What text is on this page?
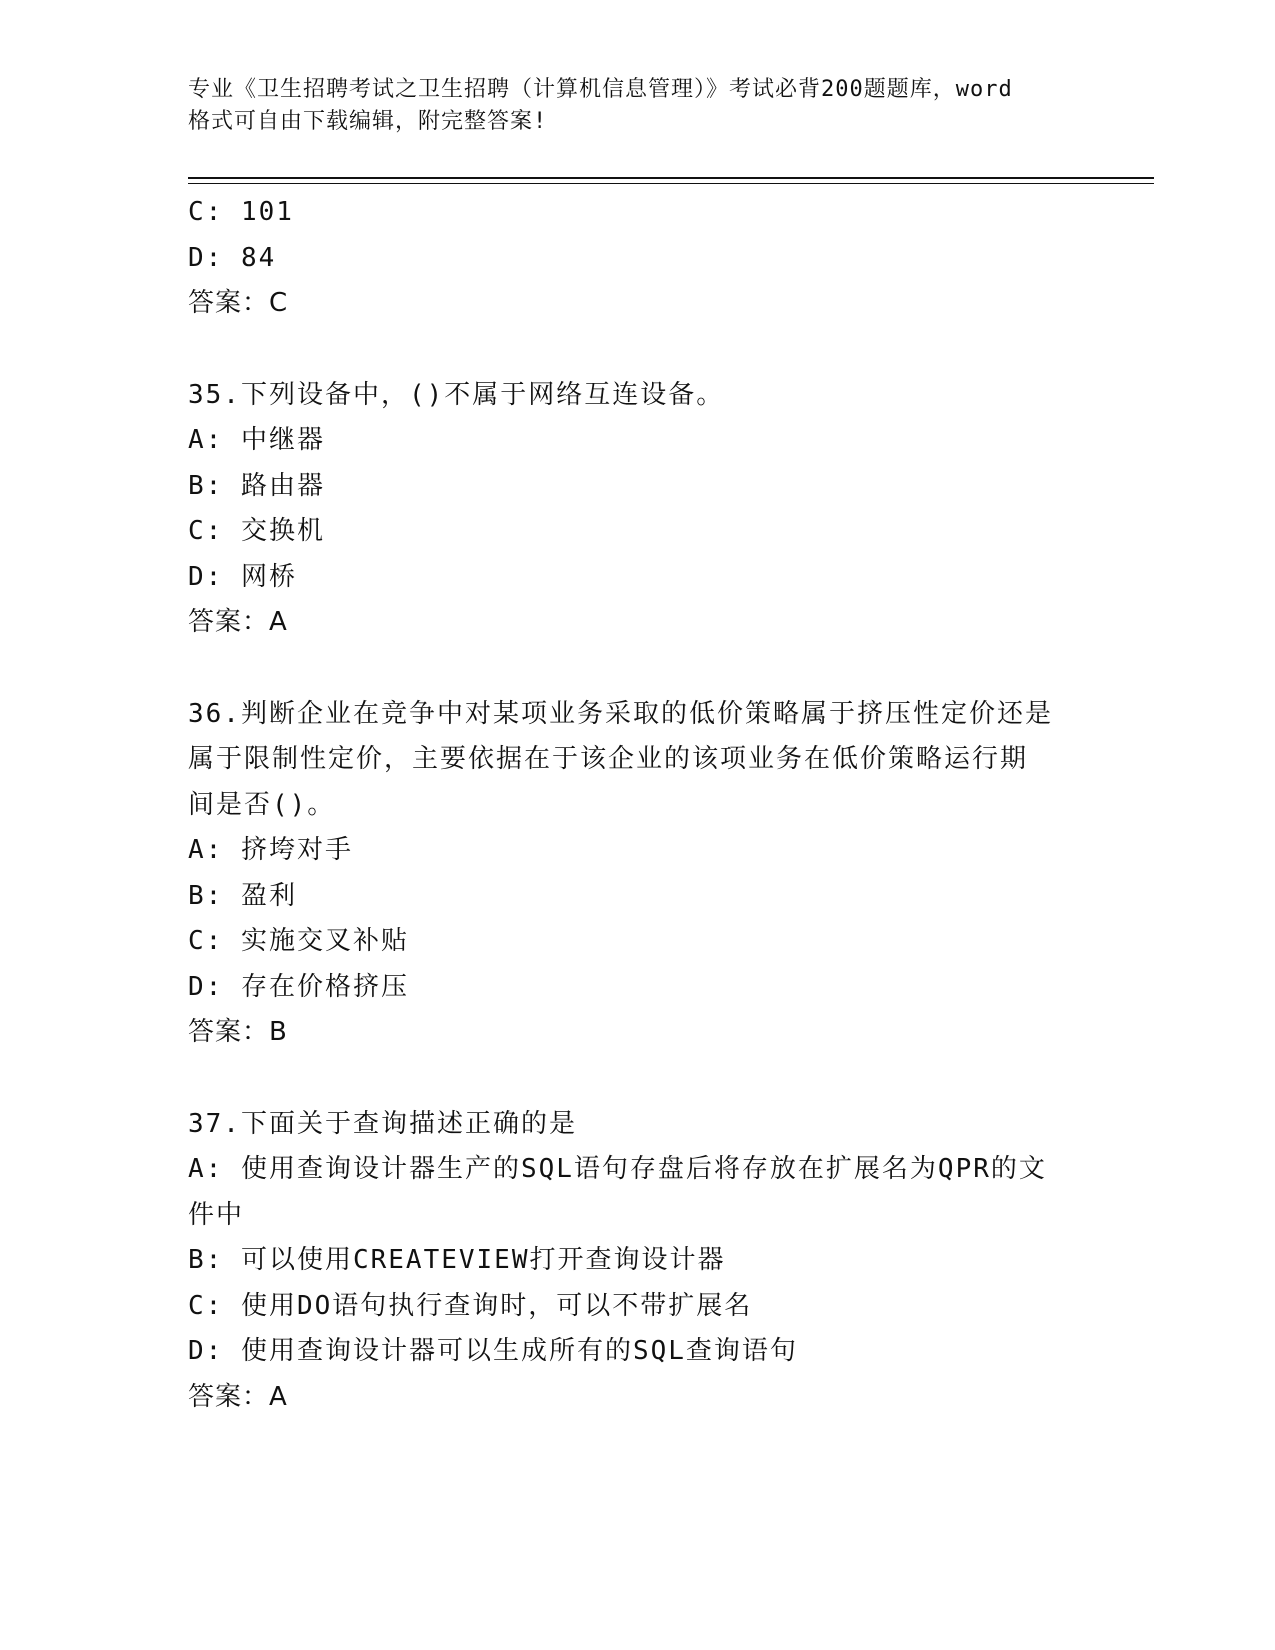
专业《卫生招聘考试之卫生招聘（计算机信息管理）》考试必背200题题库，word
格式可自由下载编辑，附完整答案!
C: 101
D: 84
答案：C
35.下列设备中，()不属于网络互连设备。
A: 中继器
B: 路由器
C: 交换机
D: 网桥
答案：A
36.判断企业在竞争中对某项业务采取的低价策略属于挤压性定价还是
属于限制性定价，主要依据在于该企业的该项业务在低价策略运行期
间是否()。
A: 挤垮对手
B: 盈利
C: 实施交叉补贴
D: 存在价格挤压
答案：B
37.下面关于查询描述正确的是
A: 使用查询设计器生产的SQL语句存盘后将存放在扩展名为QPR的文
件中
B: 可以使用CREATEVIEW打开查询设计器
C: 使用DO语句执行查询时，可以不带扩展名
D: 使用查询设计器可以生成所有的SQL查询语句
答案：A
